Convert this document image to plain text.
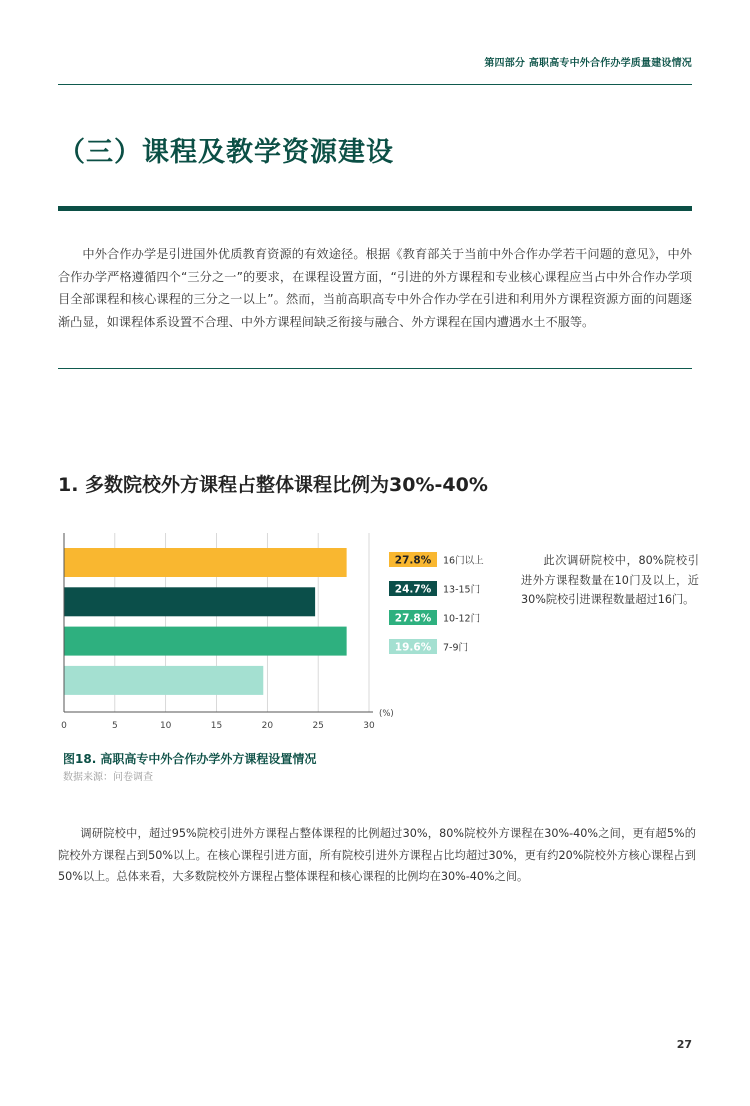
第四部分 高职高专中外合作办学质量建设情况
（三）课程及教学资源建设

中外合作办学是引进国外优质教育资源的有效途径。根据《教育部关于当前中外合作办学若干问题的意见》，中外合作办学严格遵循四个“三分之一”的要求，在课程设置方面，“引进的外方课程和专业核心课程应当占中外合作办学项目全部课程和核心课程的三分之一以上”。然而，当前高职高专中外合作办学在引进和利用外方课程资源方面的问题逐渐凸显，如课程体系设置不合理、中外方课程间缺乏衔接与融合、外方课程在国内遭遇水土不服等。

1. 多数院校外方课程占整体课程比例为30%-40%
0	5	10	15	20	25	30
(%)
27.8% 16门以上
24.7% 13-15门
27.8% 10-12门
19.6% 7-9门
图18. 高职高专中外合作办学外方课程设置情况
数据来源：问卷调查

此次调研院校中，80%院校引进外方课程数量在10门及以上，近30%院校引进课程数量超过16门。

调研院校中，超过95%院校引进外方课程占整体课程的比例超过30%，80%院校外方课程在30%-40%之间，更有超5%的院校外方课程占到50%以上。在核心课程引进方面，所有院校引进外方课程占比均超过30%，更有约20%院校外方核心课程占到50%以上。总体来看，大多数院校外方课程占整体课程和核心课程的比例均在30%-40%之间。

27
